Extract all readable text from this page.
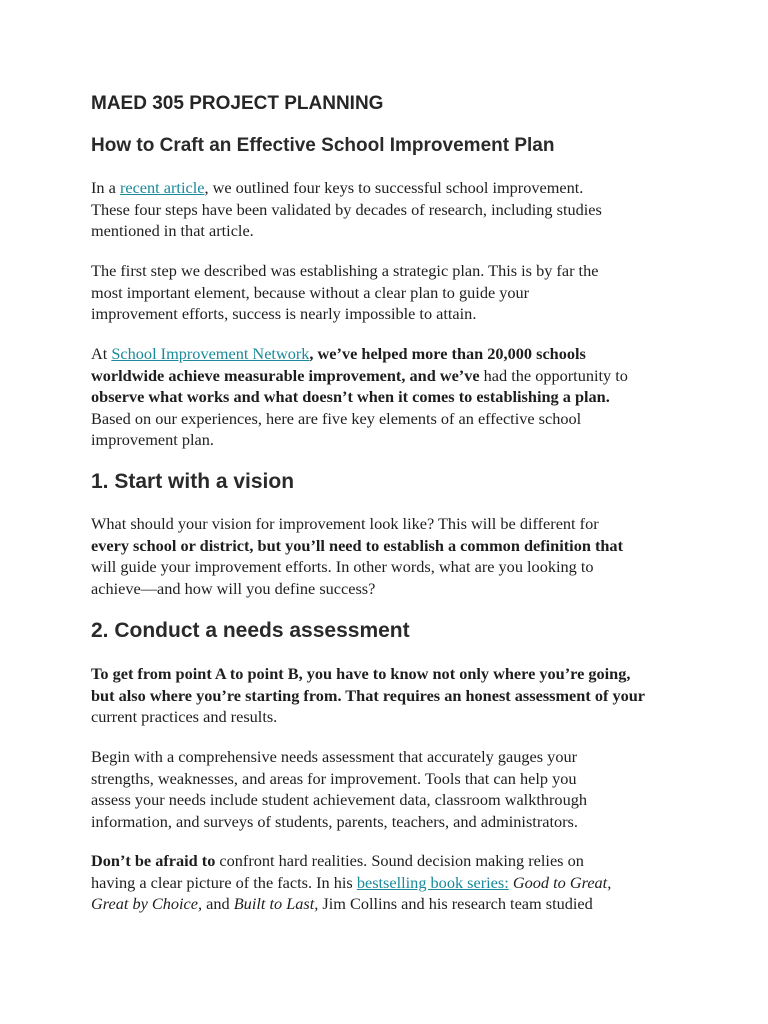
MAED 305 PROJECT PLANNING
How to Craft an Effective School Improvement Plan

In a recent article, we outlined four keys to successful school improvement.
These four steps have been validated by decades of research, including studies
mentioned in that article.

The first step we described was establishing a strategic plan. This is by far the
most important element, because without a clear plan to guide your
improvement efforts, success is nearly impossible to attain.

At School Improvement Network, we’ve helped more than 20,000 schools
worldwide achieve measurable improvement, and we’ve had the opportunity to
observe what works and what doesn’t when it comes to establishing a plan.
Based on our experiences, here are five key elements of an effective school
improvement plan.

1. Start with a vision

What should your vision for improvement look like? This will be different for
every school or district, but you’ll need to establish a common definition that
will guide your improvement efforts. In other words, what are you looking to
achieve—and how will you define success?

2. Conduct a needs assessment

To get from point A to point B, you have to know not only where you’re going,
but also where you’re starting from. That requires an honest assessment of your
current practices and results.

Begin with a comprehensive needs assessment that accurately gauges your
strengths, weaknesses, and areas for improvement. Tools that can help you
assess your needs include student achievement data, classroom walkthrough
information, and surveys of students, parents, teachers, and administrators.

Don’t be afraid to confront hard realities. Sound decision making relies on
having a clear picture of the facts. In his bestselling book series: Good to Great,
Great by Choice, and Built to Last, Jim Collins and his research team studied
